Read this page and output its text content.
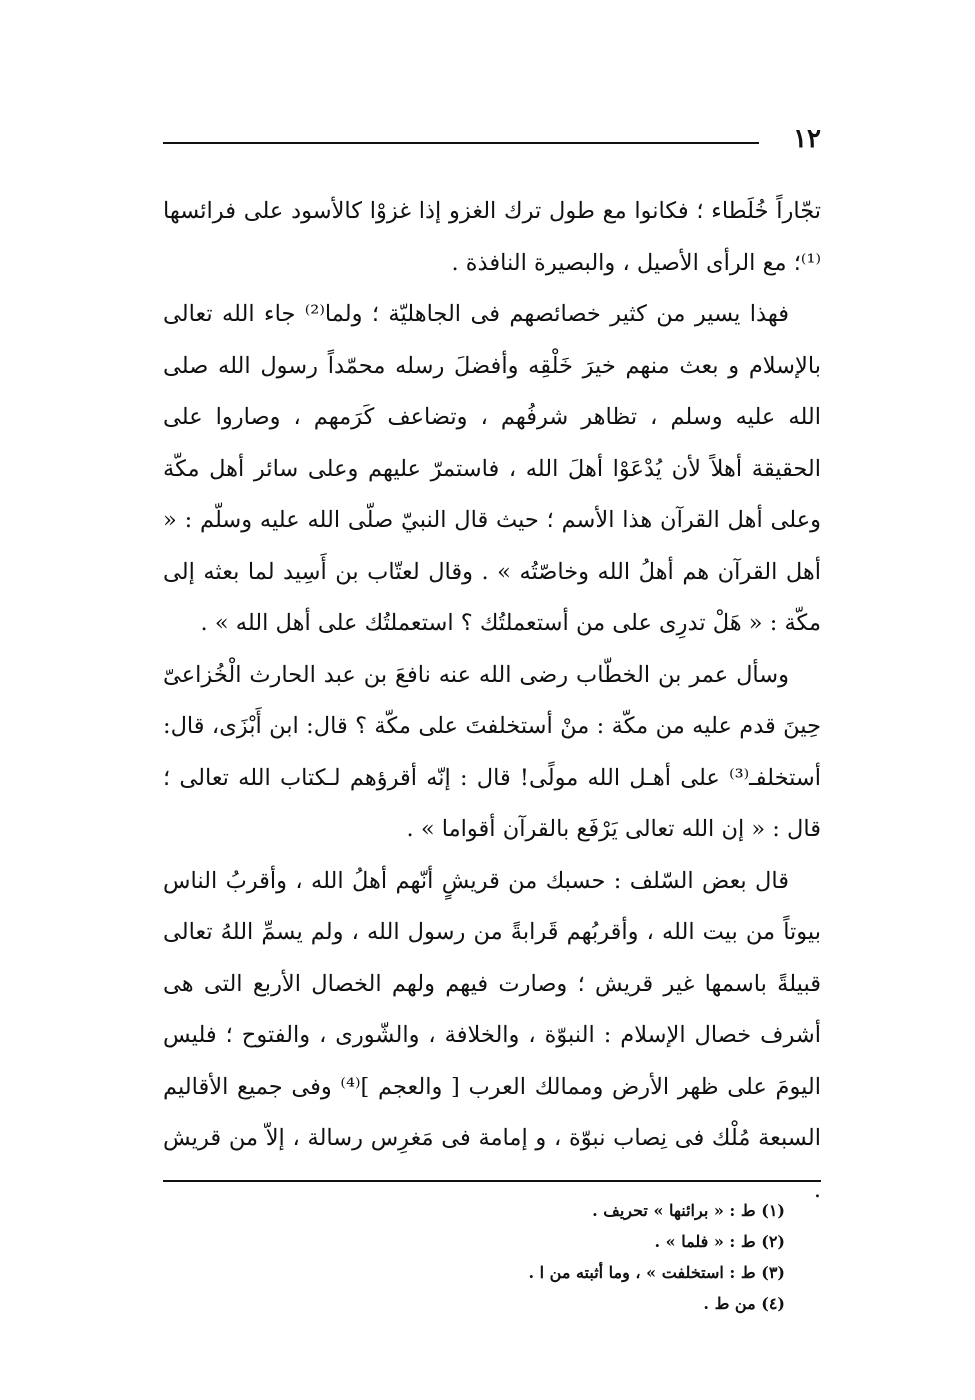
١٢

تجّاراً خُلَطاء ؛ فكانوا مع طول ترك الغزو إذا غزوْا كالأسود على فرائسها ⁽¹⁾؛ مع الرأى الأصيل ، والبصيرة النافذة .

فهذا يسير من كثير خصائصهم فى الجاهليّة ؛ ولما⁽²⁾ جاء الله تعالى بالإسلام و بعث منهم خيرَ خَلْقِه وأفضلَ رسله محمّداً رسول الله صلى الله عليه وسلم ، تظاهر شرفُهم ، وتضاعف كَرَمهم ، وصاروا على الحقيقة أهلاً لأن يُدْعَوْا أهلَ الله ، فاستمرّ عليهم وعلى سائر أهل مكّة وعلى أهل القرآن هذا الأسم ؛ حيث قال النبيّ صلّى الله عليه وسلّم : « أهل القرآن هم أهلُ الله وخاصّتُه » . وقال لعتّاب بن أَسِيد لما بعثه إلى مكّة : « هَلْ تدرِى على من أستعملتُك ؟ استعملتُك على أهل الله » .

وسأل عمر بن الخطّاب رضى الله عنه نافعَ بن عبد الحارث الْخُزاعىّ حِينَ قدم عليه من مكّة : منْ أستخلفتَ على مكّة ؟ قال: ابن أَبْزَى، قال: أستخلفـ⁽³⁾ على أهـل الله مولًى! قال : إنّه أقرؤهم لـكتاب الله تعالى ؛ قال : « إن الله تعالى يَرْفَع بالقرآن أقواما » .

قال بعض السّلف : حسبك من قريشٍ أنّهم أهلُ الله ، وأقربُ الناس بيوتاً من بيت الله ، وأقربُهم قَرابةً من رسول الله ، ولم يسمِّ اللهُ تعالى قبيلةً باسمها غير قريش ؛ وصارت فيهم ولهم الخصال الأربع التى هى أشرف خصال الإسلام : النبوّة ، والخلافة ، والشّورى ، والفتوح ؛ فليس اليومَ على ظهر الأرض وممالك العرب [ والعجم ]⁽⁴⁾ وفى جميع الأقاليم السبعة مُلْك فى نِصاب نبوّة ، و إمامة فى مَغرِس رسالة ، إلاّ من قريش .

(١) ط : « برائنها » تحريف .

(٢) ط : « فلما » .

(٣) ط : استخلفت » ، وما أثبته من ا .

(٤) من ط .
